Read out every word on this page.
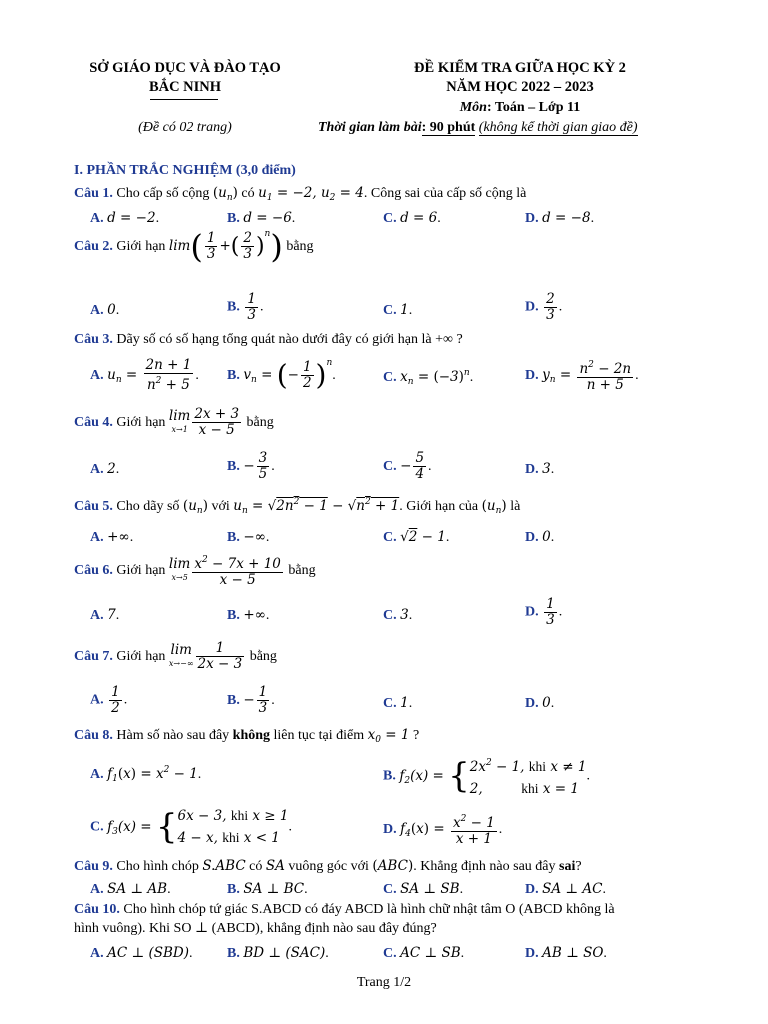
SỞ GIÁO DỤC VÀ ĐÀO TẠO
BẮC NINH
(Đề có 02 trang)
ĐỀ KIỂM TRA GIỮA HỌC KỲ 2
NĂM HỌC 2022 – 2023
Môn: Toán – Lớp 11
Thời gian làm bài: 90 phút (không kể thời gian giao đề)
I. PHẦN TRẮC NGHIỆM (3,0 điểm)
Câu 1. Cho cấp số cộng $(u_n)$ có $u_1 = -2$, $u_2 = 4$. Công sai của cấp số cộng là
A. d = −2.	B. d = −6.	C. d = 6.	D. d = −8.
Câu 2. Giới hạn $\lim( \frac{1}{3}$ +( $\frac{2}{3} )^n$) bằng
A. 0.	B. $\frac{1}{3}$ .	C. 1.	D. $\frac{2}{3}$ .
Câu 3. Dãy số có số hạng tổng quát nào dưới đây có giới hạn là +∞ ?
A. $u_n = \frac{2n + 1}{n^2 + 5}$ . B. $v_n$ = (− $\frac{1}{2} )^n$.	C. $x_n = (-3)^n$.	D. $y_n = \frac{n^2 - 2n}{n + 5}$ .
Câu 4. Giới hạn lim
$x\to 1 \frac{2x + 3}{x - 5}$ bằng
A. 2.	B. − $\frac{3}{5}$ .	C. − $\frac{5}{4}$ .	D. 3.
Câu 5. Cho dãy số $(u_n)$ với $u_n = √2n^2 - 1 - √n^2 + 1$. Giới hạn của $(u_n)$ là
A. +∞.	B. −∞.	C. √2 − 1.	D. 0.
Câu 6. Giới hạn lim
$x\to 5 \frac{x^2 - 7x + 10}{x - 5}$ bằng
A. 7.	B. +∞.	C. 3.	D. $\frac{1}{3}$ .
Câu 7. Giới hạn lim
$x\to-\infty \frac{1}{2x - 3}$ bằng
A. $\frac{1}{2}$ .	B. − $\frac{1}{3}$ .	C. 1.	D. 0.
Câu 8. Hàm số nào sau đây không liên tục tại điểm $x_0 = 1$ ?
A. $f_1(x) = x^2 - 1$.	B. $f_2(x) = \{2x^2 - 1$, khi x ≠ 1
2,         khi x = 1.
C. $f_3(x) = \{6x - 3$, khi x ≥ 1
4 − x, khi x < 1.	D. $f_4(x) = \frac{x^2 - 1}{x + 1}$ .
Câu 9. Cho hình chóp S.ABC có SA vuông góc với (ABC). Khẳng định nào sau đây sai?
A. SA ⊥ AB.	B. SA ⊥ BC.	C. SA ⊥ SB.	D. SA ⊥ AC.
Câu 10. Cho hình chóp tứ giác S.ABCD có đáy ABCD là hình chữ nhật tâm O (ABCD không là
hình vuông). Khi SO ⊥ (ABCD), khẳng định nào sau đây đúng?
A. AC ⊥ (SBD). B. BD ⊥ (SAC).	C. AC ⊥ SB.	D. AB ⊥ SO.
Trang 1/2
